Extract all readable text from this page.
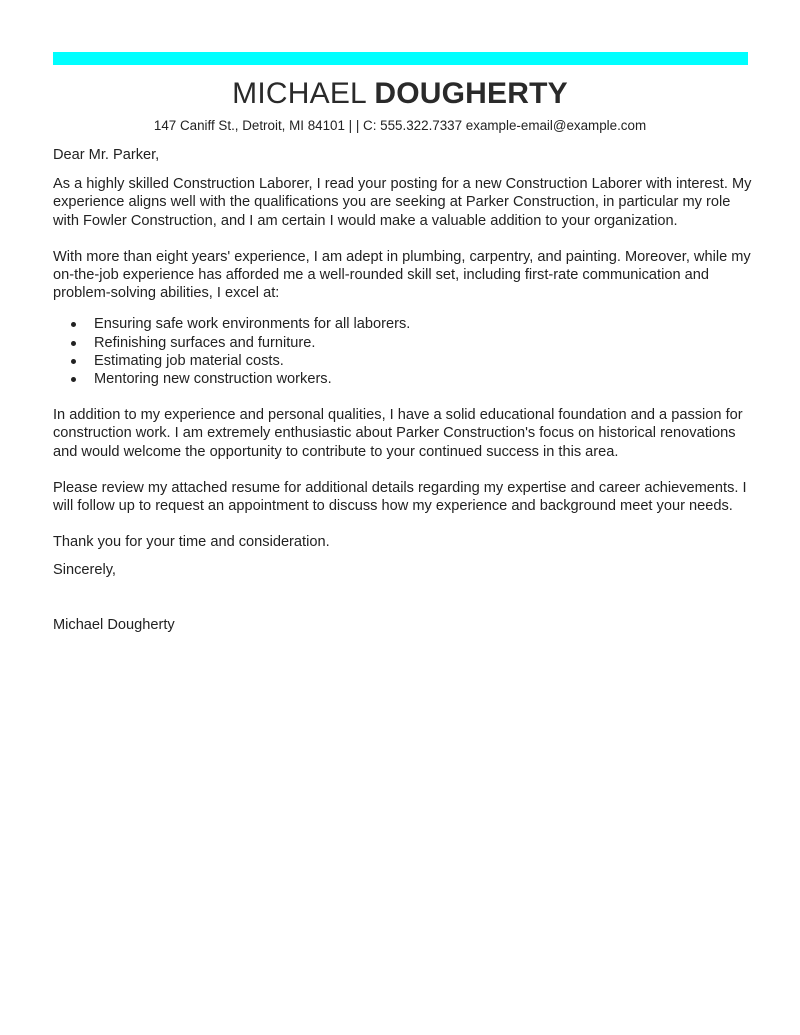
MICHAEL DOUGHERTY
147 Caniff St., Detroit, MI 84101 | | C: 555.322.7337 example-email@example.com

Dear Mr. Parker,

As a highly skilled Construction Laborer, I read your posting for a new Construction Laborer with interest. My experience aligns well with the qualifications you are seeking at Parker Construction, in particular my role with Fowler Construction, and I am certain I would make a valuable addition to your organization.

With more than eight years' experience, I am adept in plumbing, carpentry, and painting. Moreover, while my on-the-job experience has afforded me a well-rounded skill set, including first-rate communication and problem-solving abilities, I excel at:

Ensuring safe work environments for all laborers.
Refinishing surfaces and furniture.
Estimating job material costs.
Mentoring new construction workers.

In addition to my experience and personal qualities, I have a solid educational foundation and a passion for construction work. I am extremely enthusiastic about Parker Construction's focus on historical renovations and would welcome the opportunity to contribute to your continued success in this area.

Please review my attached resume for additional details regarding my expertise and career achievements. I will follow up to request an appointment to discuss how my experience and background meet your needs.

Thank you for your time and consideration.

Sincerely,

Michael Dougherty
